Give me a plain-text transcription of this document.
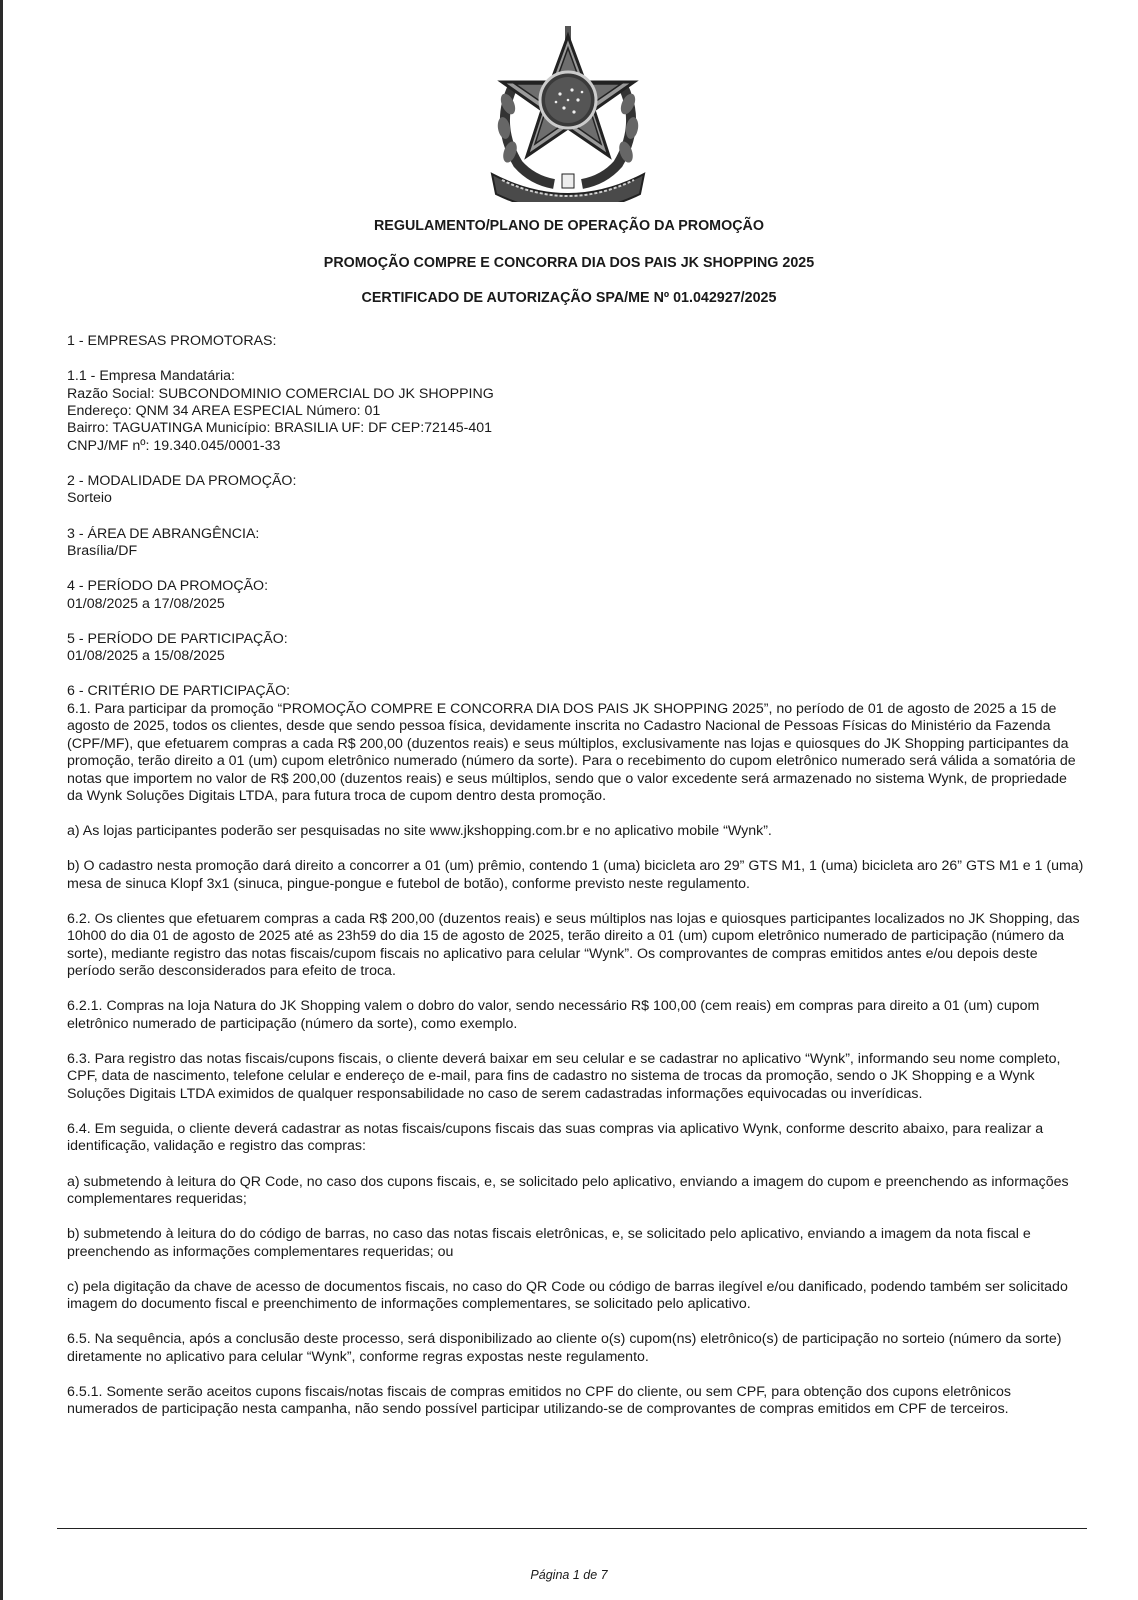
REGULAMENTO/PLANO DE OPERAÇÃO DA PROMOÇÃO
PROMOÇÃO COMPRE E CONCORRA DIA DOS PAIS JK SHOPPING 2025
CERTIFICADO DE AUTORIZAÇÃO SPA/ME Nº 01.042927/2025

1 - EMPRESAS PROMOTORAS:

1.1 - Empresa Mandatária:
Razão Social: SUBCONDOMINIO COMERCIAL DO JK SHOPPING
Endereço: QNM 34 AREA ESPECIAL Número: 01
Bairro: TAGUATINGA Município: BRASILIA UF: DF CEP:72145-401
CNPJ/MF nº: 19.340.045/0001-33

2 - MODALIDADE DA PROMOÇÃO:
Sorteio

3 - ÁREA DE ABRANGÊNCIA:
Brasília/DF

4 - PERÍODO DA PROMOÇÃO:
01/08/2025 a 17/08/2025

5 - PERÍODO DE PARTICIPAÇÃO:
01/08/2025 a 15/08/2025

6 - CRITÉRIO DE PARTICIPAÇÃO:
6.1. Para participar da promoção “PROMOÇÃO COMPRE E CONCORRA DIA DOS PAIS JK SHOPPING 2025”, no período de 01 de agosto de 2025 a 15 de agosto de 2025, todos os clientes, desde que sendo pessoa física, devidamente inscrita no Cadastro Nacional de Pessoas Físicas do Ministério da Fazenda (CPF/MF), que efetuarem compras a cada R$ 200,00 (duzentos reais) e seus múltiplos, exclusivamente nas lojas e quiosques do JK Shopping participantes da promoção, terão direito a 01 (um) cupom eletrônico numerado (número da sorte). Para o recebimento do cupom eletrônico numerado será válida a somatória de notas que importem no valor de R$ 200,00 (duzentos reais) e seus múltiplos, sendo que o valor excedente será armazenado no sistema Wynk, de propriedade da Wynk Soluções Digitais LTDA, para futura troca de cupom dentro desta promoção.

a) As lojas participantes poderão ser pesquisadas no site www.jkshopping.com.br e no aplicativo mobile “Wynk”.

b) O cadastro nesta promoção dará direito a concorrer a 01 (um) prêmio, contendo 1 (uma) bicicleta aro 29” GTS M1, 1 (uma) bicicleta aro 26” GTS M1 e 1 (uma) mesa de sinuca Klopf 3x1 (sinuca, pingue-pongue e futebol de botão), conforme previsto neste regulamento.

6.2. Os clientes que efetuarem compras a cada R$ 200,00 (duzentos reais) e seus múltiplos nas lojas e quiosques participantes localizados no JK Shopping, das 10h00 do dia 01 de agosto de 2025 até as 23h59 do dia 15 de agosto de 2025, terão direito a 01 (um) cupom eletrônico numerado de participação (número da sorte), mediante registro das notas fiscais/cupom fiscais no aplicativo para celular “Wynk”. Os comprovantes de compras emitidos antes e/ou depois deste período serão desconsiderados para efeito de troca.

6.2.1. Compras na loja Natura do JK Shopping valem o dobro do valor, sendo necessário R$ 100,00 (cem reais) em compras para direito a 01 (um) cupom eletrônico numerado de participação (número da sorte), como exemplo.

6.3. Para registro das notas fiscais/cupons fiscais, o cliente deverá baixar em seu celular e se cadastrar no aplicativo “Wynk”, informando seu nome completo, CPF, data de nascimento, telefone celular e endereço de e-mail, para fins de cadastro no sistema de trocas da promoção, sendo o JK Shopping e a Wynk Soluções Digitais LTDA eximidos de qualquer responsabilidade no caso de serem cadastradas informações equivocadas ou inverídicas.

6.4. Em seguida, o cliente deverá cadastrar as notas fiscais/cupons fiscais das suas compras via aplicativo Wynk, conforme descrito abaixo, para realizar a identificação, validação e registro das compras:

a) submetendo à leitura do QR Code, no caso dos cupons fiscais, e, se solicitado pelo aplicativo, enviando a imagem do cupom e preenchendo as informações complementares requeridas;

b) submetendo à leitura do do código de barras, no caso das notas fiscais eletrônicas, e, se solicitado pelo aplicativo, enviando a imagem da nota fiscal e preenchendo as informações complementares requeridas; ou

c) pela digitação da chave de acesso de documentos fiscais, no caso do QR Code ou código de barras ilegível e/ou danificado, podendo também ser solicitado imagem do documento fiscal e preenchimento de informações complementares, se solicitado pelo aplicativo.

6.5. Na sequência, após a conclusão deste processo, será disponibilizado ao cliente o(s) cupom(ns) eletrônico(s) de participação no sorteio (número da sorte) diretamente no aplicativo para celular “Wynk”, conforme regras expostas neste regulamento.

6.5.1. Somente serão aceitos cupons fiscais/notas fiscais de compras emitidos no CPF do cliente, ou sem CPF, para obtenção dos cupons eletrônicos numerados de participação nesta campanha, não sendo possível participar utilizando-se de comprovantes de compras emitidos em CPF de terceiros.

Página 1 de 7
